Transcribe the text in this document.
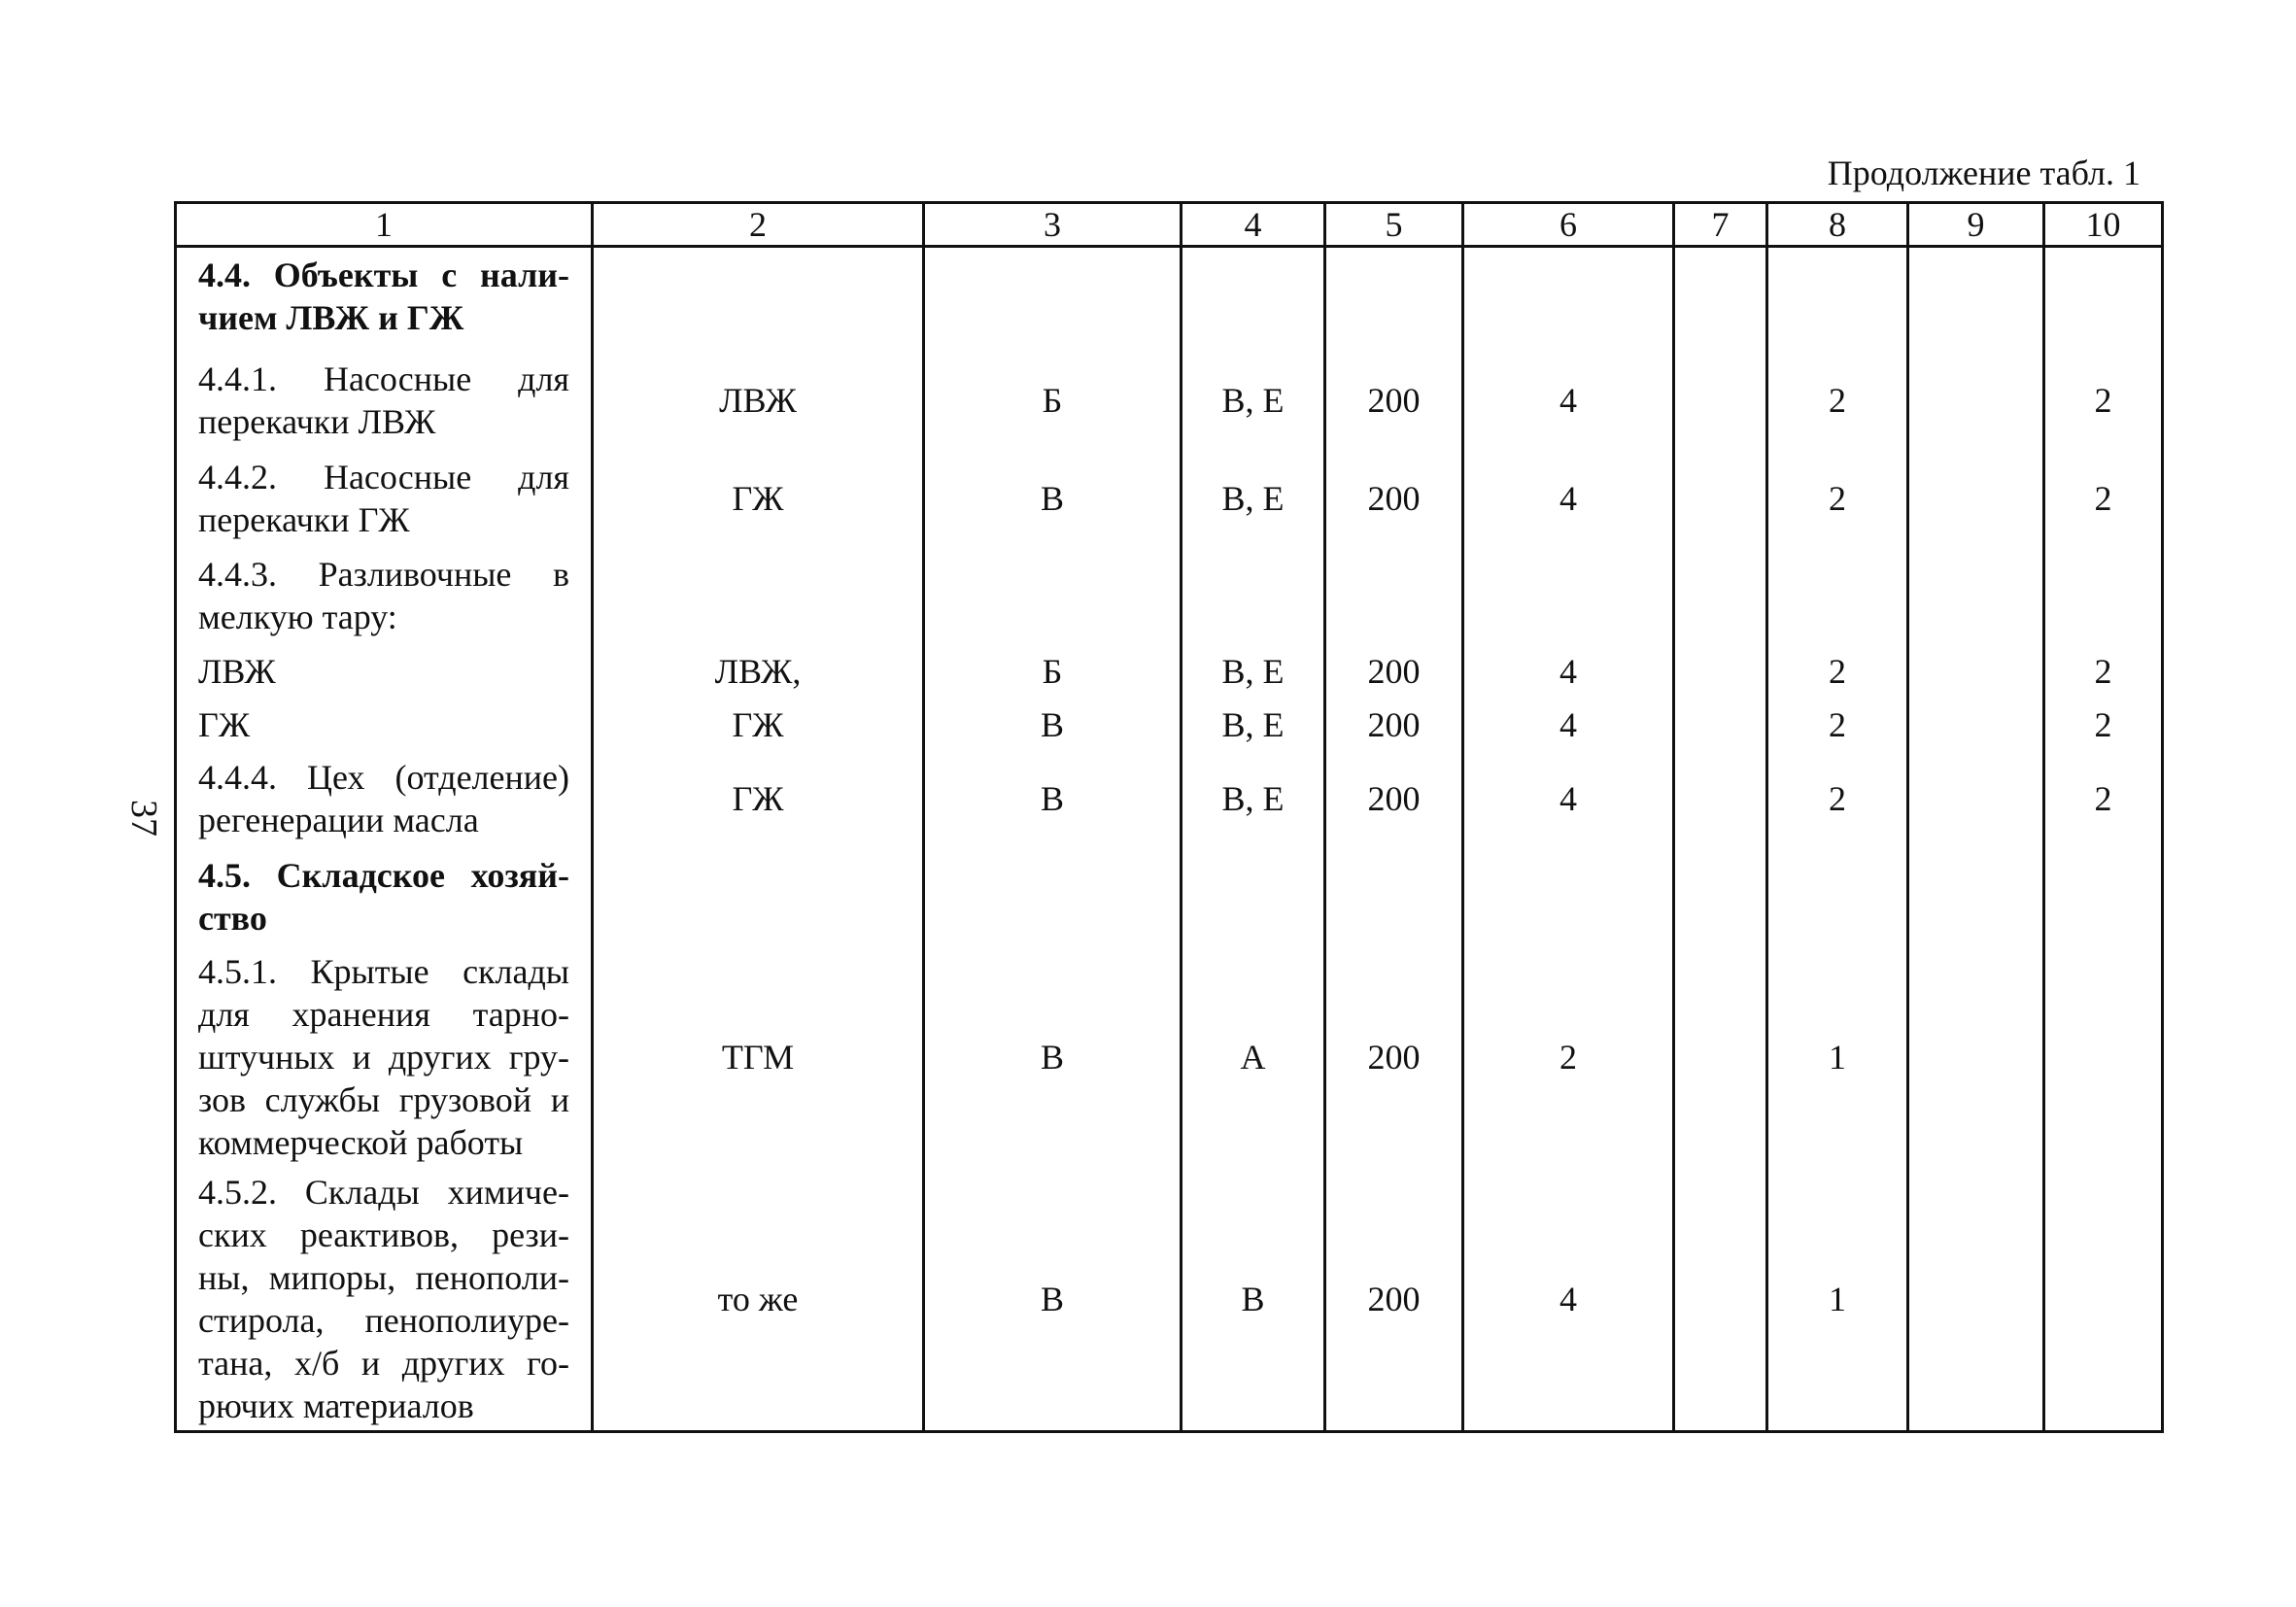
37
Продолжение табл. 1
1	2	3	4	5	6	7	8	9	10
4.4. Объекты с нали-чием ЛВЖ и ГЖ									
4.4.1. Насосные для перекачки ЛВЖ	ЛВЖ	Б	В, Е	200	4		2		2
4.4.2. Насосные для перекачки ГЖ	ГЖ	В	В, Е	200	4		2		2
4.4.3. Разливочные в мелкую тару:									
ЛВЖ	ЛВЖ,	Б	В, Е	200	4		2		2
ГЖ	ГЖ	В	В, Е	200	4		2		2
4.4.4. Цех (отделение) регенерации масла	ГЖ	В	В, Е	200	4		2		2
4.5. Складское хозяй-ство									
4.5.1. Крытые склады для хранения тарно-штучных и других гру-зов службы грузовой и коммерческой работы	ТГМ	В	А	200	2		1		
4.5.2. Склады химиче-ских реактивов, рези-ны, мипоры, пенополи-стирола, пенополиуре-тана, х/б и других го-рючих материалов	то же	В	В	200	4		1		
